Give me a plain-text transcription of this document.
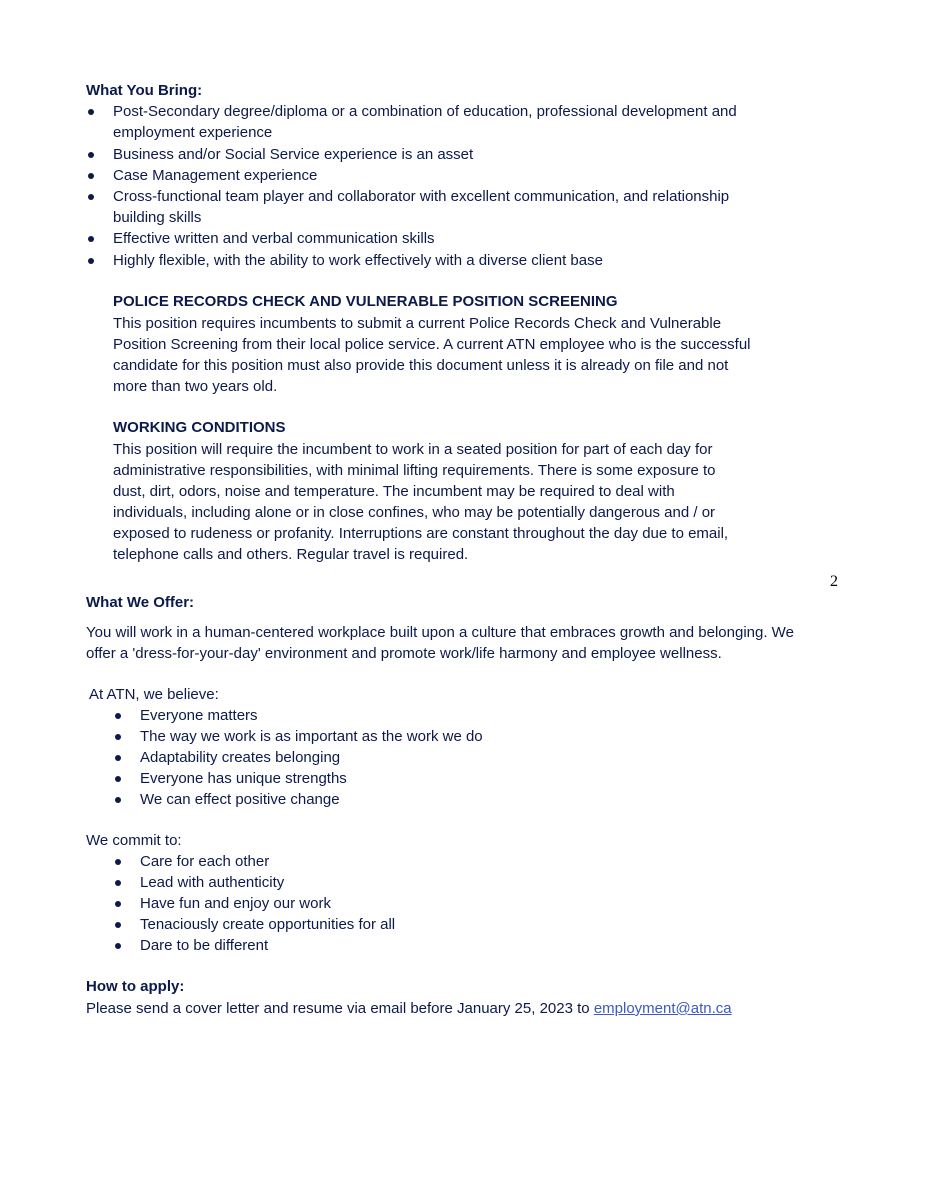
What You Bring:
Post-Secondary degree/diploma or a combination of education, professional development and
employment experience
Business and/or Social Service experience is an asset
Case Management experience
Cross-functional team player and collaborator with excellent communication, and relationship
building skills
Effective written and verbal communication skills
Highly flexible, with the ability to work effectively with a diverse client base
POLICE RECORDS CHECK AND VULNERABLE POSITION SCREENING
This position requires incumbents to submit a current Police Records Check and Vulnerable
Position Screening from their local police service. A current ATN employee who is the successful
candidate for this position must also provide this document unless it is already on file and not
more than two years old.
WORKING CONDITIONS
This position will require the incumbent to work in a seated position for part of each day for
administrative responsibilities, with minimal lifting requirements. There is some exposure to
dust, dirt, odors, noise and temperature. The incumbent may be required to deal with
individuals, including alone or in close confines, who may be potentially dangerous and / or
exposed to rudeness or profanity. Interruptions are constant throughout the day due to email,
telephone calls and others. Regular travel is required.
2
What We Offer:
You will work in a human-centered workplace built upon a culture that embraces growth and belonging. We
offer a 'dress-for-your-day' environment and promote work/life harmony and employee wellness.
At ATN, we believe:
Everyone matters
The way we work is as important as the work we do
Adaptability creates belonging
Everyone has unique strengths
We can effect positive change
We commit to:
Care for each other
Lead with authenticity
Have fun and enjoy our work
Tenaciously create opportunities for all
Dare to be different
How to apply:
Please send a cover letter and resume via email before January 25, 2023 to employment@atn.ca
